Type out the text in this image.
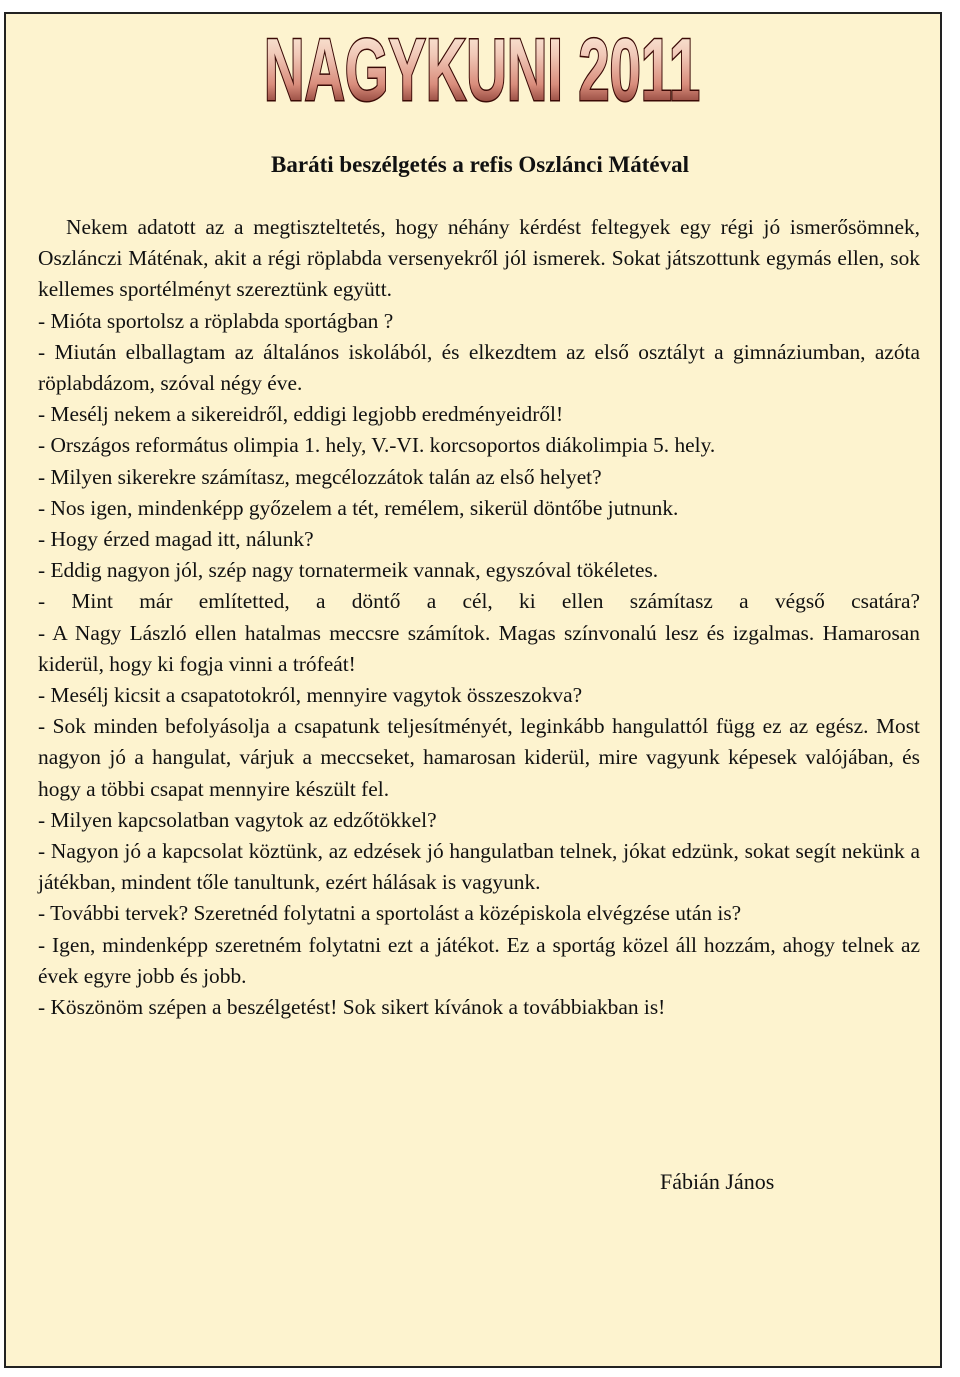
NAGYKUNI 2011
Baráti beszélgetés a refis Oszlánci Mátéval

Nekem adatott az a megtiszteltetés, hogy néhány kérdést feltegyek egy régi jó ismerősömnek, Oszlánczi Máténak, akit a régi röplabda versenyekről jól ismerek. Sokat játszottunk egymás ellen, sok kellemes sportélményt szereztünk együtt.

- Mióta sportolsz a röplabda sportágban ?

- Miután elballagtam az általános iskolából, és elkezdtem az első osztályt a gimnáziumban, azóta röplabdázom, szóval négy éve.

- Mesélj nekem a sikereidről, eddigi legjobb eredményeidről!

- Országos református olimpia 1. hely, V.-VI. korcsoportos diákolimpia 5. hely.

- Milyen sikerekre számítasz, megcélozzátok talán az első helyet?

- Nos igen, mindenképp győzelem a tét, remélem, sikerül döntőbe jutnunk.

- Hogy érzed magad itt, nálunk?

- Eddig nagyon jól, szép nagy tornatermeik vannak, egyszóval tökéletes.

- Mint már említetted, a döntő a cél, ki ellen számítasz a végső csatára?

- A Nagy László ellen hatalmas meccsre számítok. Magas színvonalú lesz és izgalmas. Hamarosan kiderül, hogy ki fogja vinni a trófeát!

- Mesélj kicsit a csapatotokról, mennyire vagytok összeszokva?

- Sok minden befolyásolja a csapatunk teljesítményét, leginkább hangulattól függ ez az egész. Most nagyon jó a hangulat, várjuk a meccseket, hamarosan kiderül, mire vagyunk képesek valójában, és hogy a többi csapat mennyire készült fel.

- Milyen kapcsolatban vagytok az edzőtökkel?

- Nagyon jó a kapcsolat köztünk, az edzések jó hangulatban telnek, jókat edzünk, sokat segít nekünk a játékban, mindent tőle tanultunk, ezért hálásak is vagyunk.

- További tervek? Szeretnéd folytatni a sportolást a középiskola elvégzése után is?

- Igen, mindenképp szeretném folytatni ezt a játékot. Ez a sportág közel áll hozzám, ahogy telnek az évek egyre jobb és jobb.

- Köszönöm szépen a beszélgetést! Sok sikert kívánok a továbbiakban is!

Fábián János
